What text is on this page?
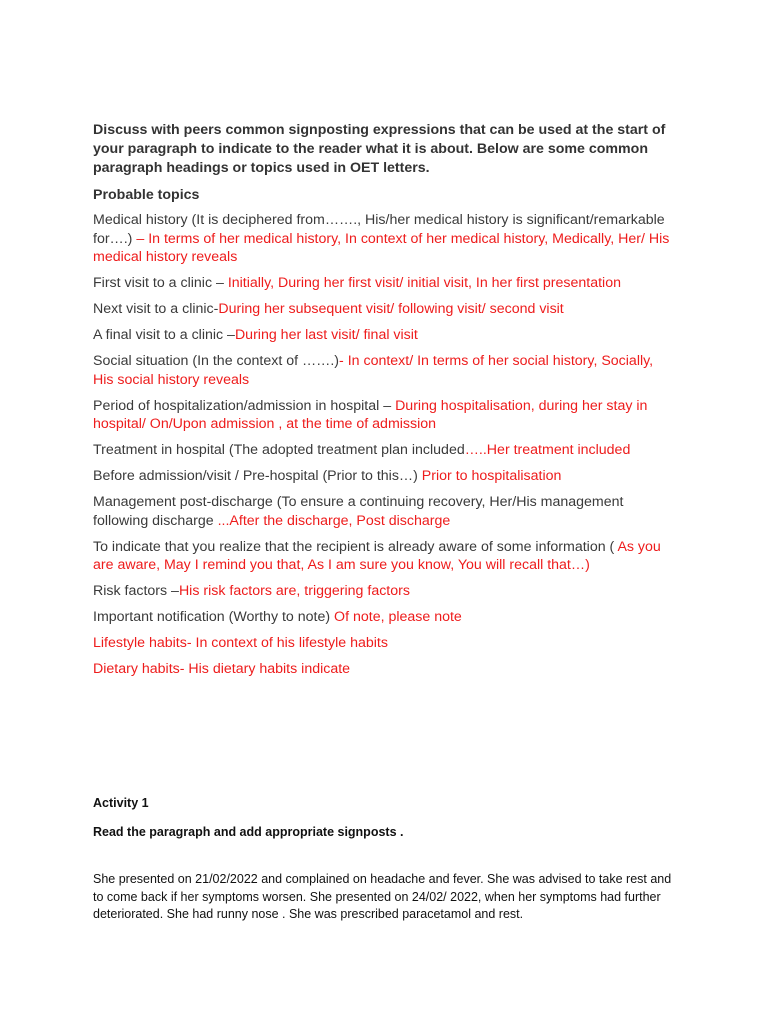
Discuss with peers common signposting expressions that can be used at the start of your paragraph to indicate to the reader what it is about. Below are some common paragraph headings or topics used in OET letters.

Probable topics

Medical history (It is deciphered from……., His/her medical history is significant/remarkable for….) – In terms of her medical history, In context of her medical history, Medically, Her/ His medical history reveals
First visit to a clinic – Initially, During her first visit/ initial visit, In her first presentation
Next visit to a clinic-During her subsequent visit/ following visit/ second visit
A final visit to a clinic –During her last visit/ final visit
Social situation (In the context of …….)- In context/ In terms of her social history, Socially, His social history reveals
Period of hospitalization/admission in hospital – During hospitalisation, during her stay in hospital/ On/Upon admission , at the time of admission
Treatment in hospital (The adopted treatment plan included…..Her treatment included
Before admission/visit / Pre-hospital (Prior to this…) Prior to hospitalisation
Management post-discharge (To ensure a continuing recovery, Her/His management following discharge ...After the discharge, Post discharge
To indicate that you realize that the recipient is already aware of some information ( As you are aware, May I remind you that, As I am sure you know, You will recall that…)
Risk factors –His risk factors are, triggering factors
Important notification (Worthy to note) Of note, please note
Lifestyle habits- In context of his lifestyle habits
Dietary habits- His dietary habits indicate

Activity 1

Read the paragraph and add appropriate signposts .

She presented on 21/02/2022 and complained on headache and fever. She was advised to take rest and to come back if her symptoms worsen. She presented on 24/02/ 2022, when her symptoms had further deteriorated. She had runny nose . She was prescribed paracetamol and rest.
